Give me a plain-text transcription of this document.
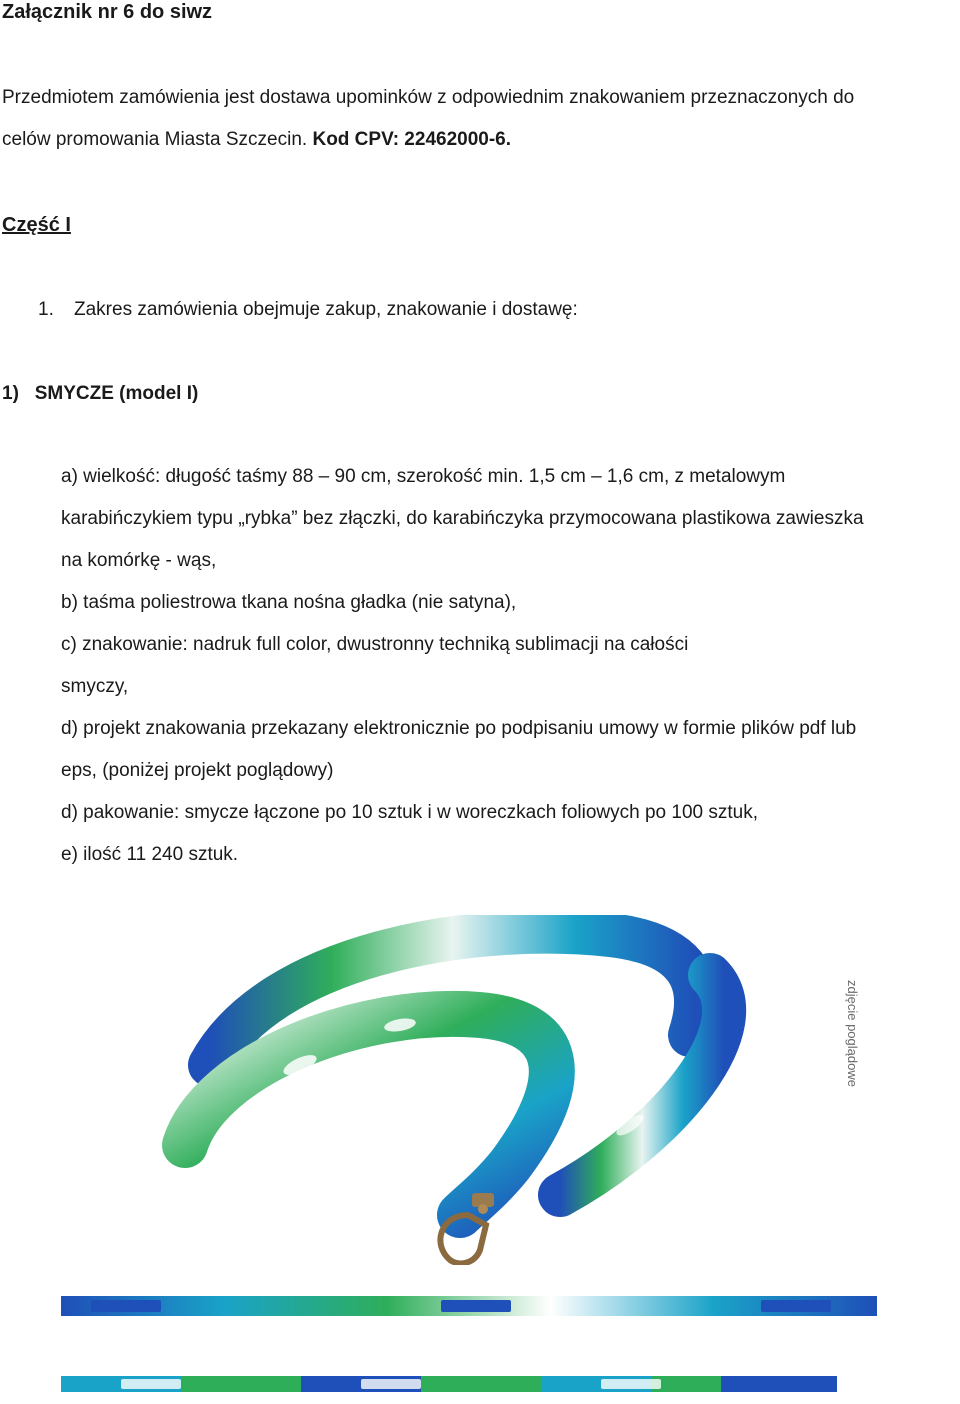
Załącznik nr 6 do siwz
Przedmiotem zamówienia jest dostawa upominków z odpowiednim znakowaniem przeznaczonych do
celów promowania Miasta Szczecin. Kod CPV: 22462000-6.
Część I
1. Zakres zamówienia obejmuje zakup, znakowanie i dostawę:
1)   SMYCZE (model I)
a) wielkość: długość taśmy 88 – 90 cm, szerokość min. 1,5 cm – 1,6 cm, z metalowym
karabińczykiem typu „rybka” bez złączki, do karabińczyka przymocowana plastikowa zawieszka
na komórkę - wąs,
b) taśma poliestrowa tkana nośna gładka (nie satyna),
c) znakowanie: nadruk full color, dwustronny techniką sublimacji na całości
smyczy,
d) projekt znakowania przekazany elektronicznie po podpisaniu umowy w formie plików pdf lub
eps, (poniżej projekt poglądowy)
d) pakowanie: smycze łączone po 10 sztuk i w woreczkach foliowych po 100 sztuk,
e) ilość 11 240 sztuk.
zdjęcie poglądowe
